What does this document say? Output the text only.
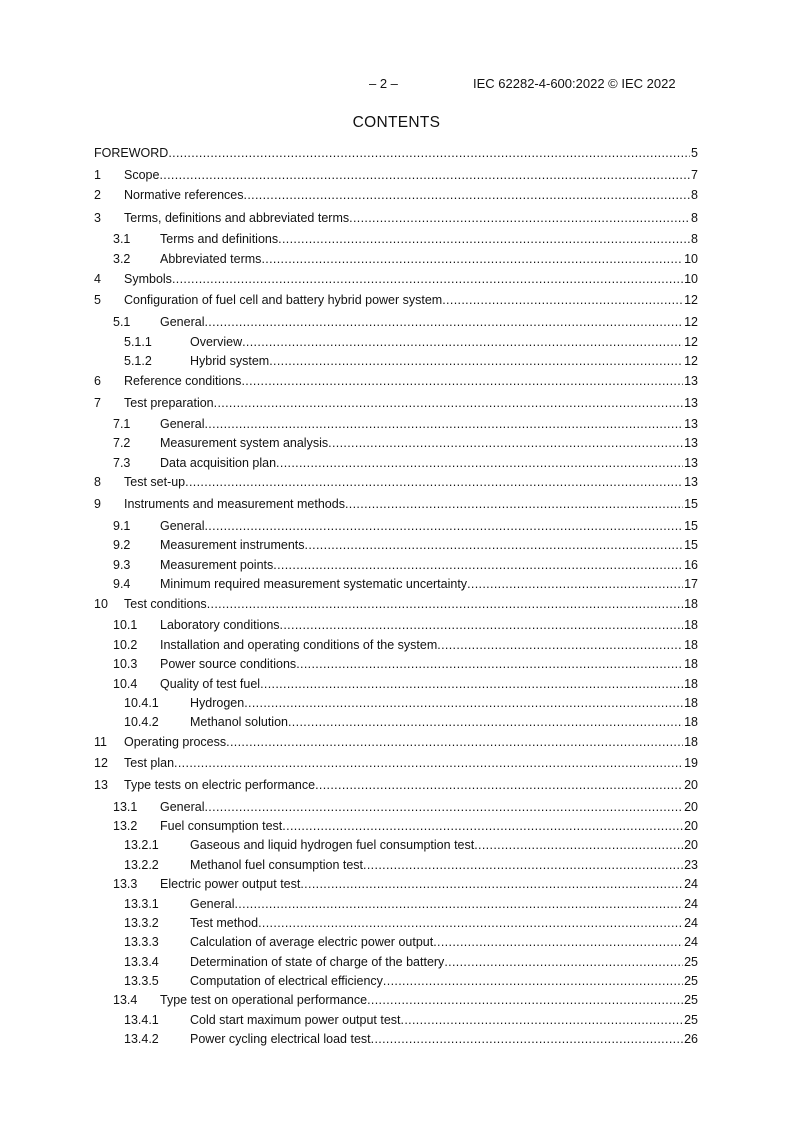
– 2 –	IEC 62282-4-600:2022 © IEC 2022
CONTENTS
FOREWORD .....	5
1 Scope .....	7
2 Normative references .....	8
3 Terms, definitions and abbreviated terms .....	8
3.1 Terms and definitions .....	8
3.2 Abbreviated terms .....	10
4 Symbols .....	10
5 Configuration of fuel cell and battery hybrid power system .....	12
5.1 General .....	12
5.1.1	Overview .....	12
5.1.2	Hybrid system .....	12
6 Reference conditions .....	13
7 Test preparation .....	13
7.1 General .....	13
7.2 Measurement system analysis .....	13
7.3 Data acquisition plan .....	13
8 Test set-up .....	13
9 Instruments and measurement methods .....	15
9.1 General .....	15
9.2 Measurement instruments .....	15
9.3 Measurement points .....	16
9.4 Minimum required measurement systematic uncertainty .....	17
10 Test conditions .....	18
10.1 Laboratory conditions .....	18
10.2 Installation and operating conditions of the system .....	18
10.3 Power source conditions .....	18
10.4 Quality of test fuel .....	18
10.4.1 Hydrogen .....	18
10.4.2 Methanol solution .....	18
11 Operating process .....	18
12 Test plan .....	19
13 Type tests on electric performance .....	20
13.1 General .....	20
13.2 Fuel consumption test .....	20
13.2.1 Gaseous and liquid hydrogen fuel consumption test .....	20
13.2.2 Methanol fuel consumption test .....	23
13.3 Electric power output test .....	24
13.3.1 General .....	24
13.3.2 Test method .....	24
13.3.3 Calculation of average electric power output .....	24
13.3.4 Determination of state of charge of the battery .....	25
13.3.5 Computation of electrical efficiency .....	25
13.4 Type test on operational performance .....	25
13.4.1 Cold start maximum power output test .....	25
13.4.2 Power cycling electrical load test .....	26
